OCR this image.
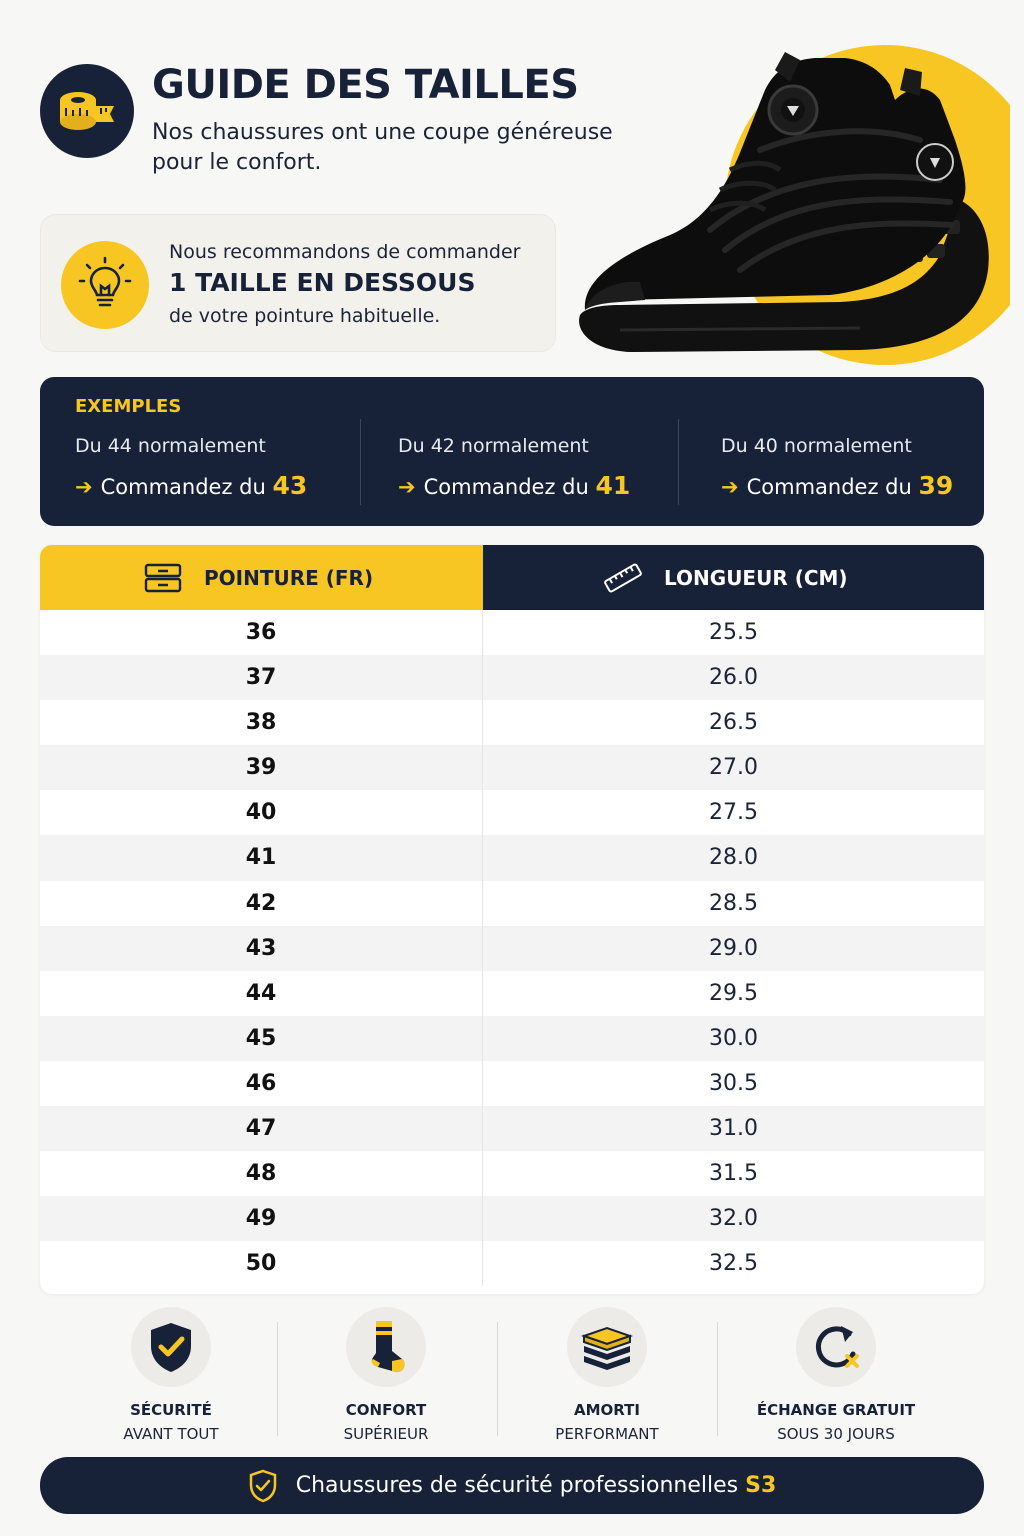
GUIDE DES TAILLES
Nos chaussures ont une coupe généreuse pour le confort.
Nous recommandons de commander
1 TAILLE EN DESSOUS
de votre pointure habituelle.
EXEMPLES
Du 44 normalement
➔ Commandez du 43
Du 42 normalement
➔ Commandez du 41
Du 40 normalement
➔ Commandez du 39
POINTURE (FR)	LONGUEUR (CM)
36	25.5
37	26.0
38	26.5
39	27.0
40	27.5
41	28.0
42	28.5
43	29.0
44	29.5
45	30.0
46	30.5
47	31.0
48	31.5
49	32.0
50	32.5
SÉCURITÉ
AVANT TOUT
CONFORT
SUPÉRIEUR
AMORTI
PERFORMANT
ÉCHANGE GRATUIT
SOUS 30 JOURS
Chaussures de sécurité professionnelles S3
